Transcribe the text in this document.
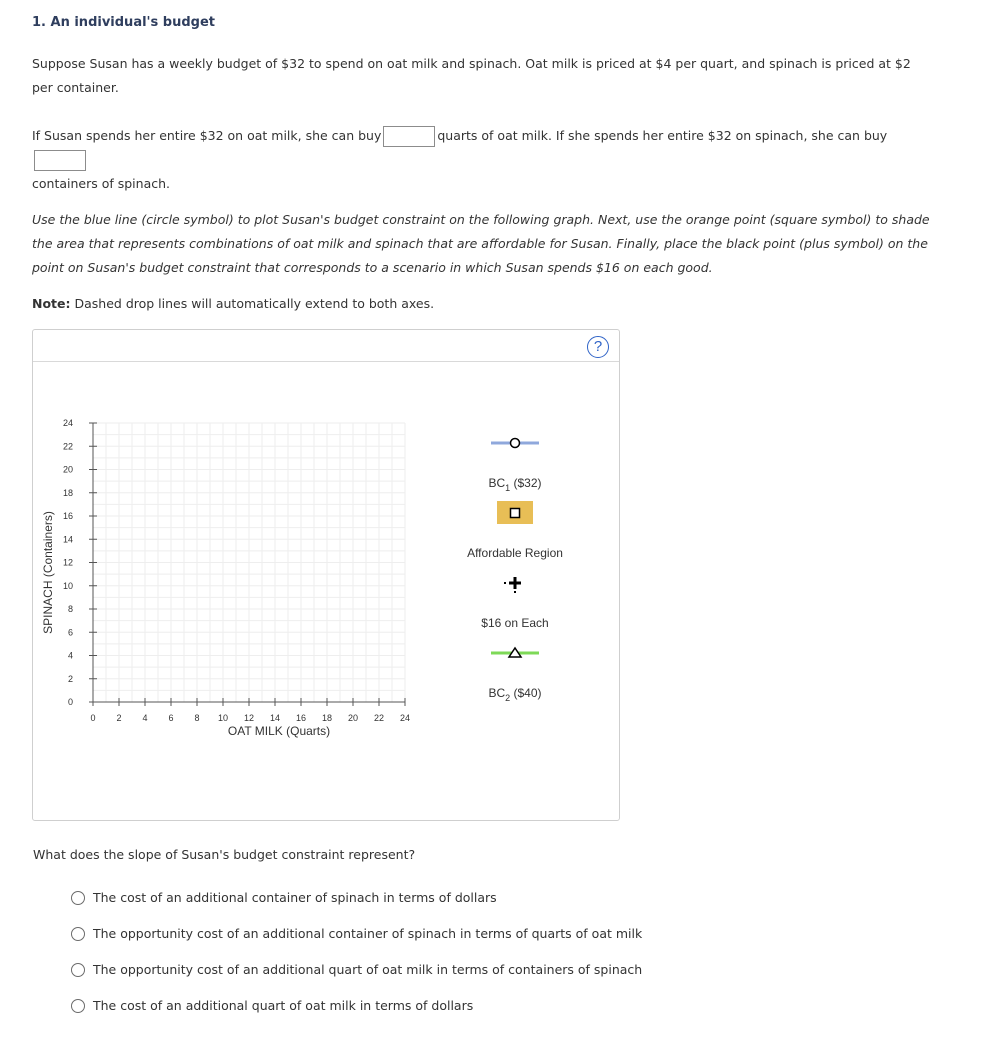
1. An individual's budget
Suppose Susan has a weekly budget of $32 to spend on oat milk and spinach. Oat milk is priced at $4 per quart, and spinach is priced at $2 per container.
If Susan spends her entire $32 on oat milk, she can buy	quarts of oat milk. If she spends her entire $32 on spinach, she can buy
containers of spinach.
Use the blue line (circle symbol) to plot Susan's budget constraint on the following graph. Next, use the orange point (square symbol) to shade the area that represents combinations of oat milk and spinach that are affordable for Susan. Finally, place the black point (plus symbol) on the point on Susan's budget constraint that corresponds to a scenario in which Susan spends $16 on each good.
Note: Dashed drop lines will automatically extend to both axes.
?
0 2 4 6 8 10 12 14 16 18 20 22 24
0
2
4
6
8
10
12
14
16
18
20
22
24
OAT MILK (Quarts)
SPINACH (Containers)
$BC_1$ ($32)
Affordable Region
$16 on Each
$BC_2$ ($40)
What does the slope of Susan's budget constraint represent?
The cost of an additional container of spinach in terms of dollars
The opportunity cost of an additional container of spinach in terms of quarts of oat milk
The opportunity cost of an additional quart of oat milk in terms of containers of spinach
The cost of an additional quart of oat milk in terms of dollars
